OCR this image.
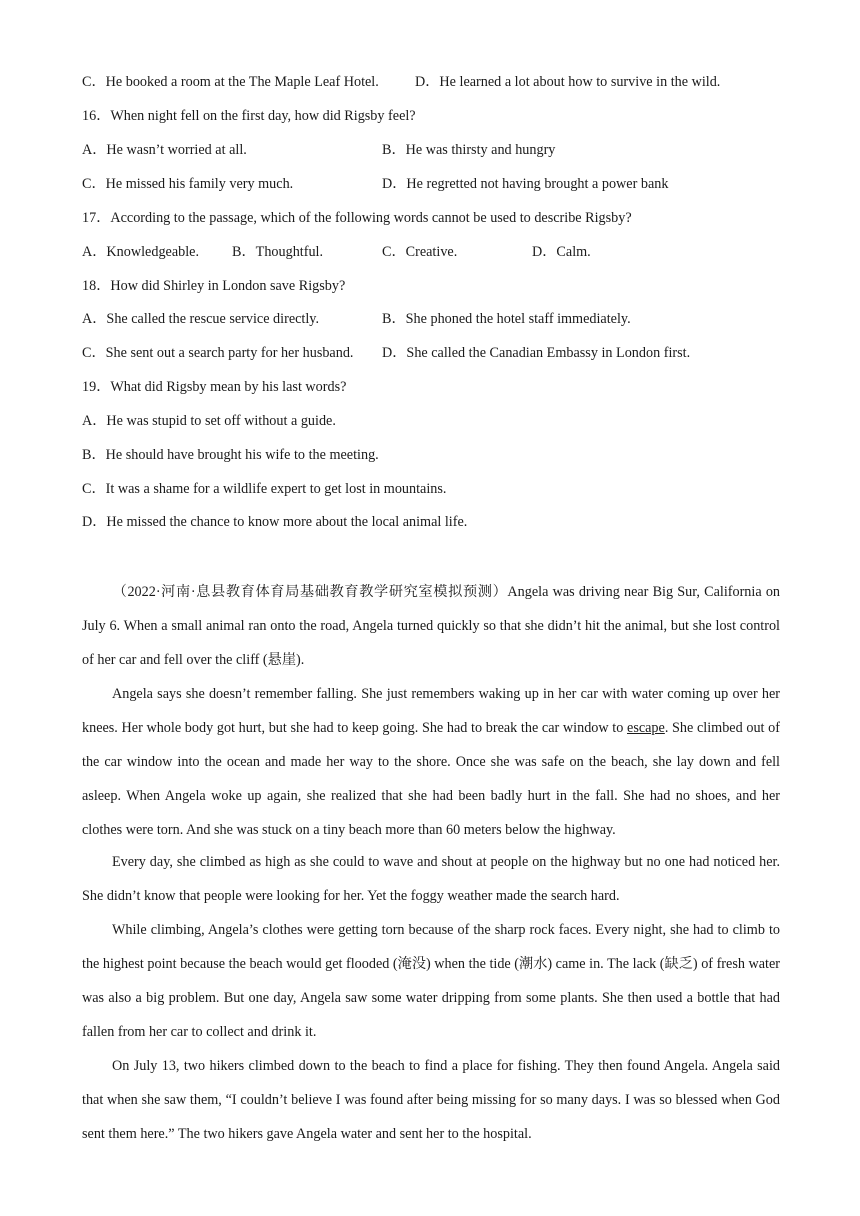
C．He booked a room at the The Maple Leaf Hotel.	D．He learned a lot about how to survive in the wild.
16．When night fell on the first day, how did Rigsby feel?
A．He wasn’t worried at all.	B．He was thirsty and hungry
C．He missed his family very much.	D．He regretted not having brought a power bank
17．According to the passage, which of the following words cannot be used to describe Rigsby?
A．Knowledgeable. B．Thoughtful.	C．Creative.	D．Calm.
18．How did Shirley in London save Rigsby?
A．She called the rescue service directly.	B．She phoned the hotel staff immediately.
C．She sent out a search party for her husband. D．She called the Canadian Embassy in London first.
19．What did Rigsby mean by his last words?
A．He was stupid to set off without a guide.
B．He should have brought his wife to the meeting.
C．It was a shame for a wildlife expert to get lost in mountains.
D．He missed the chance to know more about the local animal life.

（2022·河南·息县教育体育局基础教育教学研究室模拟预测）Angela was driving near Big Sur, California on July 6. When a small animal ran onto the road, Angela turned quickly so that she didn’t hit the animal, but she lost control of her car and fell over the cliff (悬崖).

Angela says she doesn’t remember falling. She just remembers waking up in her car with water coming up over her knees. Her whole body got hurt, but she had to keep going. She had to break the car window to escape. She climbed out of the car window into the ocean and made her way to the shore. Once she was safe on the beach, she lay down and fell asleep. When Angela woke up again, she realized that she had been badly hurt in the fall. She had no shoes, and her clothes were torn. And she was stuck on a tiny beach more than 60 meters below the highway.

Every day, she climbed as high as she could to wave and shout at people on the highway but no one had noticed her. She didn’t know that people were looking for her. Yet the foggy weather made the search hard.

While climbing, Angela’s clothes were getting torn because of the sharp rock faces. Every night, she had to climb to the highest point because the beach would get flooded (淹没) when the tide (潮水) came in. The lack (缺乏) of fresh water was also a big problem. But one day, Angela saw some water dripping from some plants. She then used a bottle that had fallen from her car to collect and drink it.

On July 13, two hikers climbed down to the beach to find a place for fishing. They then found Angela. Angela said that when she saw them, “I couldn’t believe I was found after being missing for so many days. I was so blessed when God sent them here.” The two hikers gave Angela water and sent her to the hospital.
